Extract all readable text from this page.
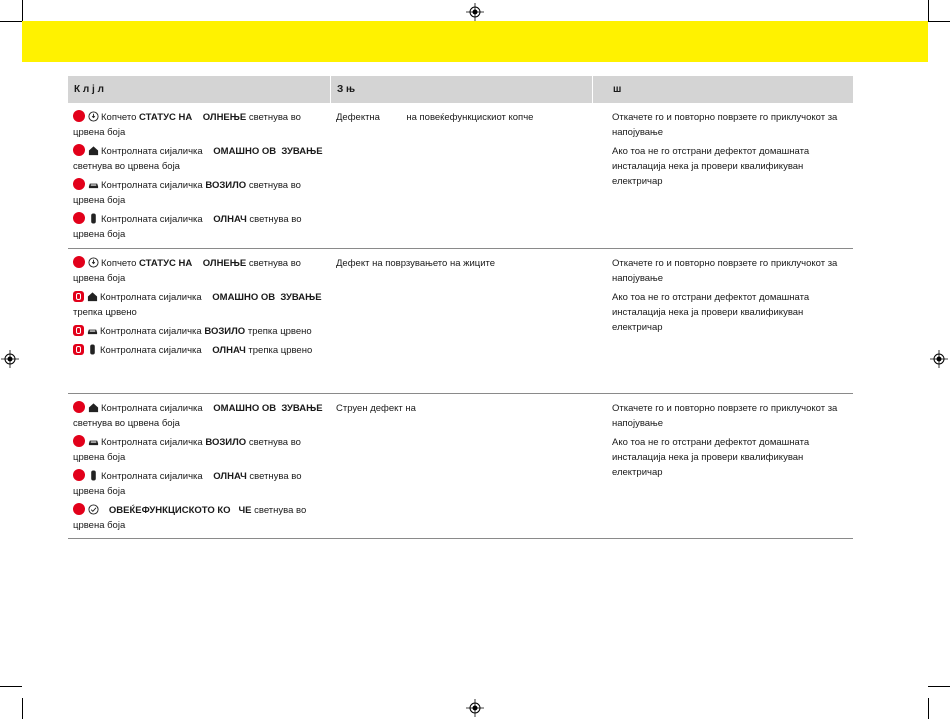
К л ј л	З њ	ш
Копчето СТАТУС НА    ОЛНЕЊЕ светнува во црвена боја
Контролната сијаличка    ОМАШНО ОВ  ЗУВАЊЕ светнува во црвена боја
Контролната сијаличка ВОЗИЛО светнува во црвена боја
Контролната сијаличка    ОЛНАЧ светнува во црвена боја
Дефектна          на повеќефункцискиот копче	Откачете го и повторно поврзете го приклучокот за напојување
Ако тоа не го отстрани дефектот домашната инсталација нека ја провери квалификуван електричар
Копчето СТАТУС НА    ОЛНЕЊЕ светнува во црвена боја
Контролната сијаличка    ОМАШНО ОВ  ЗУВАЊЕ трепка црвено
Контролната сијаличка ВОЗИЛО трепка црвено
Контролната сијаличка    ОЛНАЧ трепка црвено
Дефект на поврзувањето на жиците	Откачете го и повторно поврзете го приклучокот за напојување
Ако тоа не го отстрани дефектот домашната инсталација нека ја провери квалификуван електричар
Контролната сијаличка    ОМАШНО ОВ  ЗУВАЊЕ светнува во црвена боја
Контролната сијаличка ВОЗИЛО светнува во црвена боја
Контролната сијаличка    ОЛНАЧ светнува во црвена боја
ОВЕЌЕФУНКЦИСКОТО КО   ЧЕ светнува во црвена боја
Струен дефект на	Откачете го и повторно поврзете го приклучокот за напојување
Ако тоа не го отстрани дефектот домашната инсталација нека ја провери квалификуван електричар
